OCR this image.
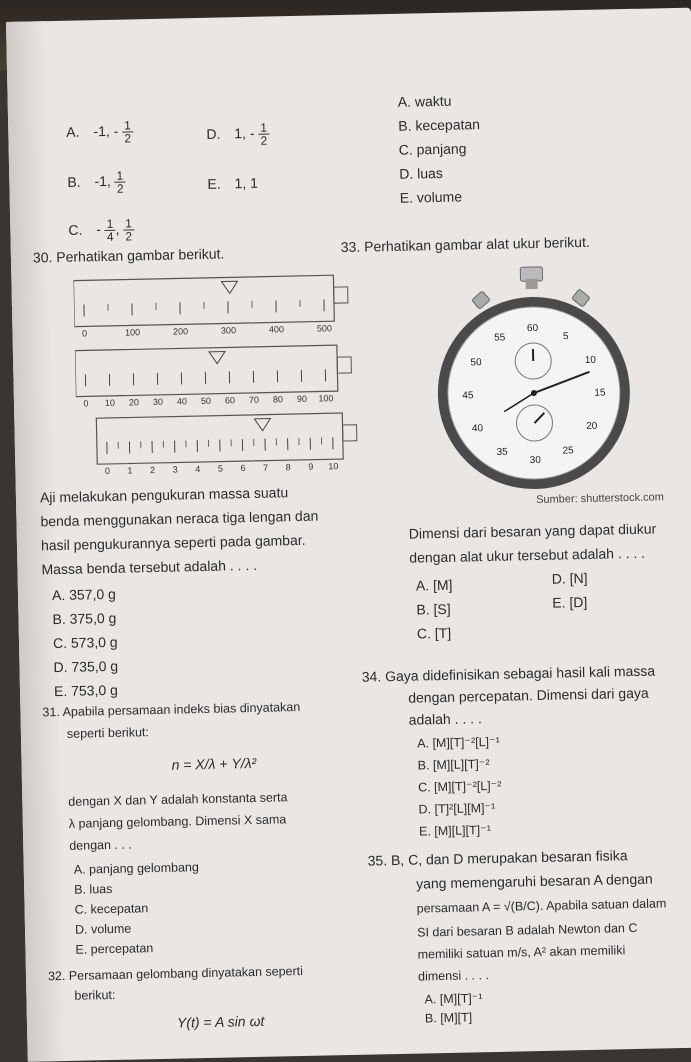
A. -1, - $\frac{1}{2}$
B. -1, $\frac{1}{2}$
C. - $\frac{1}{4}$ , $\frac{1}{2}$
D. 1, - $\frac{1}{2}$
E. 1, 1
A. waktu
B. kecepatan
C. panjang
D. luas
E. volume
30. Perhatikan gambar berikut.
0	100	200	300	400	500
0 10 20 30 40 50 60 70 80 90 100
0 1 2 3 4 5 6 7 8 9 10
Aji melakukan pengukuran massa suatu
benda menggunakan neraca tiga lengan dan
hasil pengukurannya seperti pada gambar.
Massa benda tersebut adalah . . . .
A. 357,0 g
B. 375,0 g
C. 573,0 g
D. 735,0 g
E. 753,0 g
33. Perhatikan gambar alat ukur berikut.
60
5
10
15
20
25
30
35
40
45
50
55
Sumber: shutterstock.com
Dimensi dari besaran yang dapat diukur
dengan alat ukur tersebut adalah . . . .
A. [M]
B. [S]
C. [T]
D. [N]
E. [D]
31. Apabila persamaan indeks bias dinyatakan
seperti berikut:
n = X/λ + Y/λ²
dengan X dan Y adalah konstanta serta
λ panjang gelombang. Dimensi X sama
dengan . . .
A. panjang gelombang
B. luas
C. kecepatan
D. volume
E. percepatan
34. Gaya didefinisikan sebagai hasil kali massa
dengan percepatan. Dimensi dari gaya
adalah . . . .
A. [M][T]⁻²[L]⁻¹
B. [M][L][T]⁻²
C. [M][T]⁻²[L]⁻²
D. [T]²[L][M]⁻¹
E. [M][L][T]⁻¹
35. B, C, dan D merupakan besaran fisika
yang memengaruhi besaran A dengan
persamaan A = √(B/C). Apabila satuan dalam
SI dari besaran B adalah Newton dan C
memiliki satuan m/s, A² akan memiliki
dimensi . . . .
A. [M][T]⁻¹
B. [M][T]
32. Persamaan gelombang dinyatakan seperti
berikut:
Y(t) = A sin ωt
